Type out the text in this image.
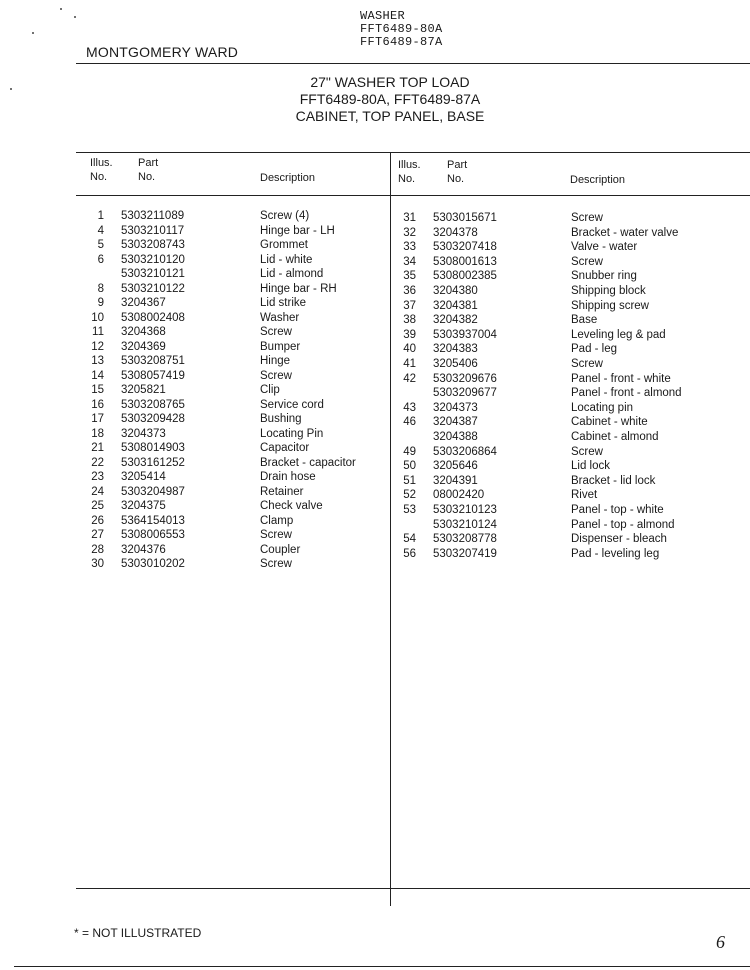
MONTGOMERY WARD
WASHER
FFT6489-80A
FFT6489-87A
27" WASHER TOP LOAD
FFT6489-80A, FFT6489-87A
CABINET, TOP PANEL, BASE
Illus.
No.
Part
No.	Description
Illus.
No.
Part
No.	Description
1 5303211089	Screw (4)
4 5303210117	Hinge bar - LH
5 5303208743	Grommet
6 5303210120	Lid - white
5303210121	Lid - almond
8 5303210122	Hinge bar - RH
9 3204367	Lid strike
10 5308002408	Washer
11 3204368	Screw
12 3204369	Bumper
13 5303208751	Hinge
14 5308057419	Screw
15 3205821	Clip
16 5303208765	Service cord
17 5303209428	Bushing
18 3204373	Locating Pin
21 5308014903	Capacitor
22 5303161252	Bracket - capacitor
23 3205414	Drain hose
24 5303204987	Retainer
25 3204375	Check valve
26 5364154013	Clamp
27 5308006553	Screw
28 3204376	Coupler
30 5303010202	Screw
31 5303015671	Screw
32 3204378	Bracket - water valve
33 5303207418	Valve - water
34 5308001613	Screw
35 5308002385	Snubber ring
36 3204380	Shipping block
37 3204381	Shipping screw
38 3204382	Base
39 5303937004	Leveling leg & pad
40 3204383	Pad - leg
41 3205406	Screw
42 5303209676	Panel - front - white
5303209677	Panel - front - almond
43 3204373	Locating pin
46 3204387	Cabinet - white
3204388	Cabinet - almond
49 5303206864	Screw
50 3205646	Lid lock
51 3204391	Bracket - lid lock
52 08002420	Rivet
53 5303210123	Panel - top - white
5303210124	Panel - top - almond
54 5303208778	Dispenser - bleach
56 5303207419	Pad - leveling leg
* = NOT ILLUSTRATED	6
